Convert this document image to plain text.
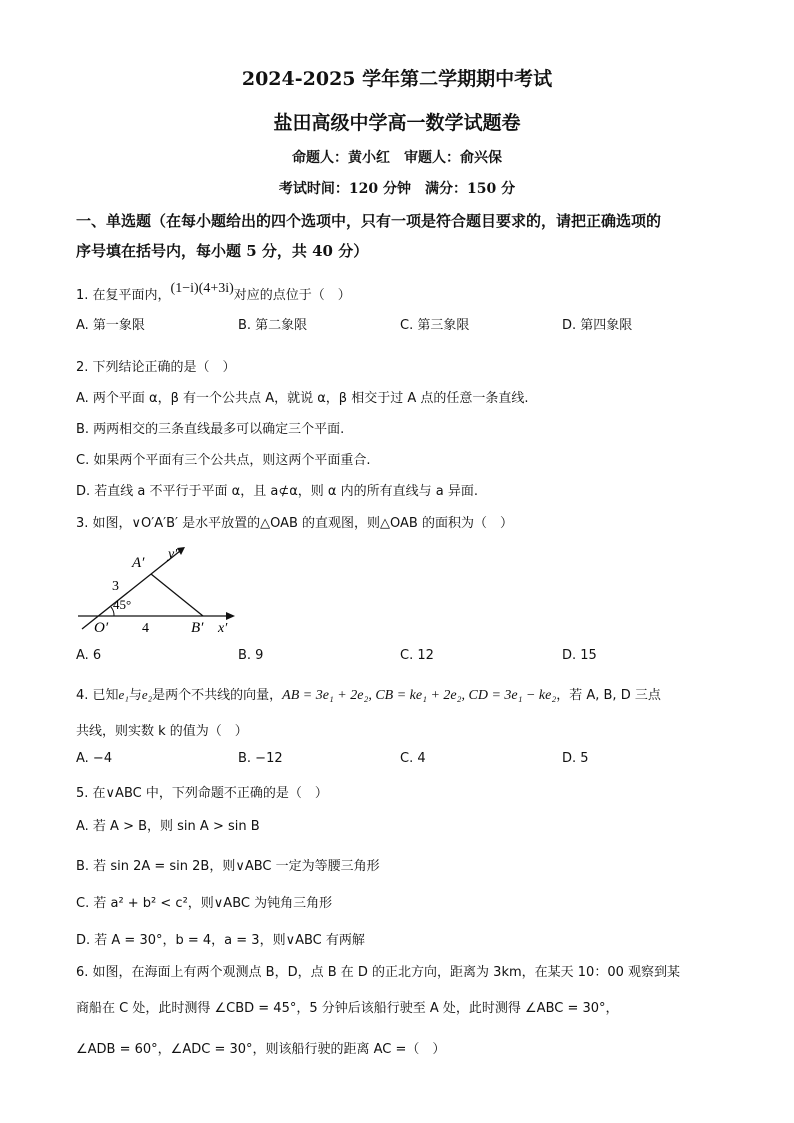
2024-2025 学年第二学期期中考试
盐田高级中学高一数学试题卷
命题人：黄小红　审题人：俞兴保
考试时间：120 分钟　满分：150 分
一、单选题（在每小题给出的四个选项中，只有一项是符合题目要求的，请把正确选项的
序号填在括号内，每小题 5 分，共 40 分）
1. 在复平面内，(1−i)(4+3i)对应的点位于（　）
A. 第一象限	B. 第二象限	C. 第三象限	D. 第四象限
2. 下列结论正确的是（　）
A. 两个平面 α，β 有一个公共点 A，就说 α，β 相交于过 A 点的任意一条直线.
B. 两两相交的三条直线最多可以确定三个平面.
C. 如果两个平面有三个公共点，则这两个平面重合.
D. 若直线 a 不平行于平面 α，且 a⊄α，则 α 内的所有直线与 a 异面.
3. 如图，∨O′A′B′ 是水平放置的△OAB 的直观图，则△OAB 的面积为（　）
A′
y′
3
45°
O′ 4	B′ x′
A. 6	B. 9	C. 12	D. 15
4. 已知e₁与e₂是两个不共线的向量，AB = 3e₁ + 2e₂, CB = ke₁ + 2e₂, CD = 3e₁ − ke₂，若 A, B, D 三点
共线，则实数 k 的值为（　）
A. −4	B. −12	C. 4	D. 5
5. 在∨ABC 中，下列命题不正确的是（　）
A. 若 A > B，则 sin A > sin B
B. 若 sin 2A = sin 2B，则∨ABC 一定为等腰三角形
C. 若 a² + b² < c²，则∨ABC 为钝角三角形
D. 若 A = 30°，b = 4，a = 3，则∨ABC 有两解
6. 如图，在海面上有两个观测点 B，D，点 B 在 D 的正北方向，距离为 3km，在某天 10：00 观察到某
商船在 C 处，此时测得 ∠CBD = 45°，5 分钟后该船行驶至 A 处，此时测得 ∠ABC = 30°，
∠ADB = 60°，∠ADC = 30°，则该船行驶的距离 AC =（　）
